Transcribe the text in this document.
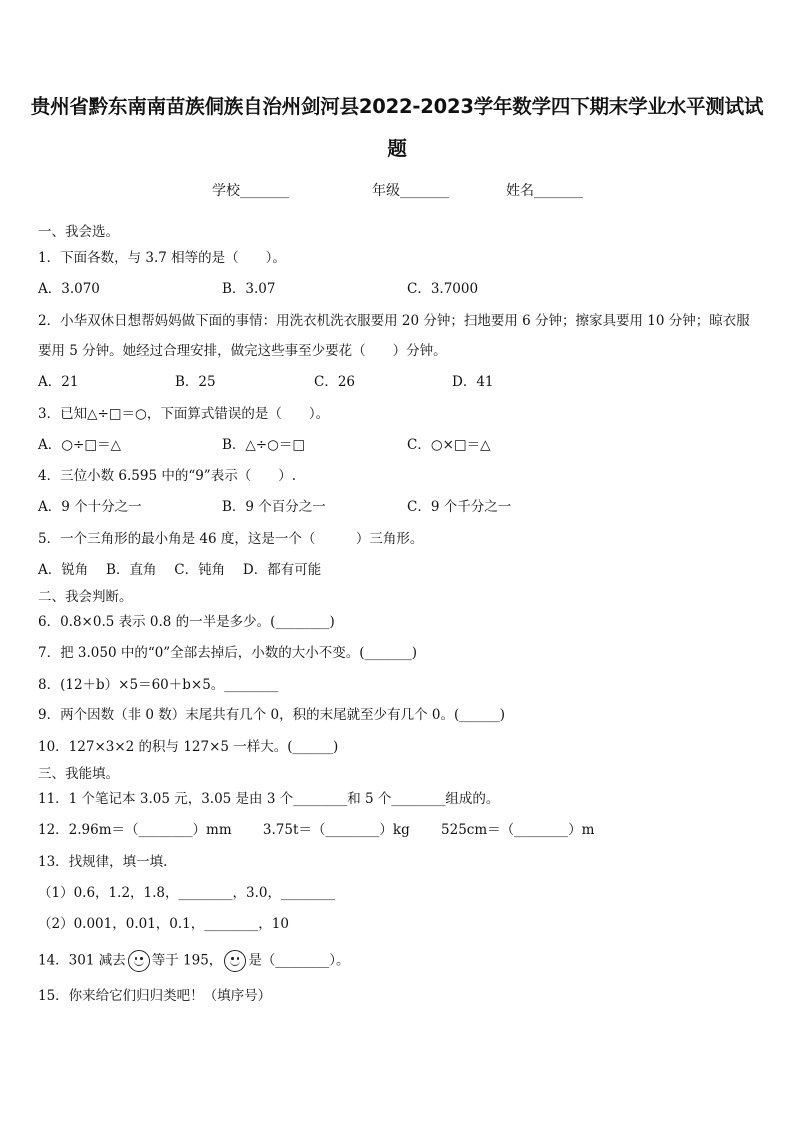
贵州省黔东南南苗族侗族自治州剑河县2022-2023学年数学四下期末学业水平测试试题
学校_______	年级_______	姓名_______
一、我会选。
1．下面各数，与 3.7 相等的是（　　）。
A．3.070	B．3.07	C．3.7000
2．小华双休日想帮妈妈做下面的事情：用洗衣机洗衣服要用 20 分钟；扫地要用 6 分钟；擦家具要用 10 分钟；晾衣服
要用 5 分钟。她经过合理安排，做完这些事至少要花（　　）分钟。
A．21	B．25	C．26	D．41
3．已知△÷□＝○，下面算式错误的是（　　）。
A．○÷□＝△	B．△÷○＝□	C．○×□＝△
4．三位小数 6.595 中的“9”表示（　　）.
A．9 个十分之一	B．9 个百分之一	C．9 个千分之一
5．一个三角形的最小角是 46 度，这是一个（　　　）三角形。
A．锐角　 B．直角　 C．钝角　 D．都有可能
二、我会判断。
6．0.8×0.5 表示 0.8 的一半是多少。(________)
7．把 3.050 中的“0”全部去掉后，小数的大小不变。(_______)
8．(12＋b）×5＝60＋b×5。________
9．两个因数（非 0 数）末尾共有几个 0，积的末尾就至少有几个 0。(______)
10．127×3×2 的积与 127×5 一样大。(______)
三、我能填。
11．1 个笔记本 3.05 元，3.05 是由 3 个________和 5 个________组成的。
12．2.96m＝（________）mm　　 3.75t＝（________）kg　　 525cm＝（________）m
13．找规律，填一填.
（1）0.6，1.2，1.8，________，3.0，________
（2）0.001，0.01，0.1，________，10
14．301 减去 等于 195， 是（________）。
15．你来给它们归归类吧！（填序号）
